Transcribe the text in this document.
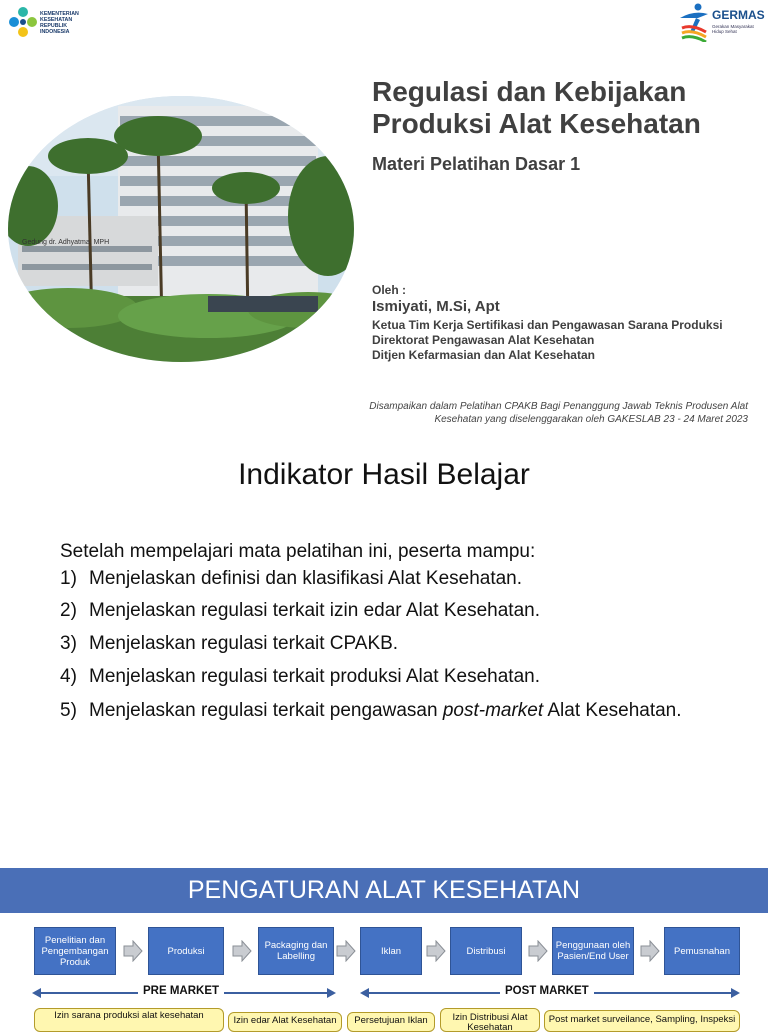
KEMENTERIAN
KESEHATAN
REPUBLIK
INDONESIA
GERMAS
Gerakan Masyarakat
Hidup Sehat
Gedung dr. Adhyatma, MPH
Regulasi dan Kebijakan Produksi Alat Kesehatan
Materi Pelatihan Dasar 1
Oleh :
Ismiyati, M.Si, Apt
Ketua Tim Kerja Sertifikasi dan Pengawasan Sarana Produksi
Direktorat Pengawasan Alat Kesehatan
Ditjen Kefarmasian dan Alat Kesehatan
Disampaikan dalam Pelatihan CPAKB Bagi Penanggung Jawab Teknis Produsen Alat Kesehatan yang diselenggarakan oleh GAKESLAB 23 - 24 Maret 2023
Indikator Hasil Belajar
Setelah mempelajari mata pelatihan ini, peserta mampu:
1) Menjelaskan definisi dan klasifikasi Alat Kesehatan.
2) Menjelaskan regulasi terkait izin edar Alat Kesehatan.
3) Menjelaskan regulasi terkait CPAKB.
4) Menjelaskan regulasi terkait produksi Alat Kesehatan.
5) Menjelaskan regulasi terkait pengawasan post-market Alat Kesehatan.
PENGATURAN ALAT KESEHATAN
Penelitian dan Pengembangan Produk
Produksi	Packaging dan Labelling	Iklan	Distribusi	Penggunaan oleh Pasien/End User	Pemusnahan
PRE MARKET	POST MARKET
Izin sarana produksi alat kesehatan	Izin edar Alat Kesehatan	Persetujuan Iklan	Izin Distribusi Alat Kesehatan
Post market surveilance, Sampling, Inspeksi
